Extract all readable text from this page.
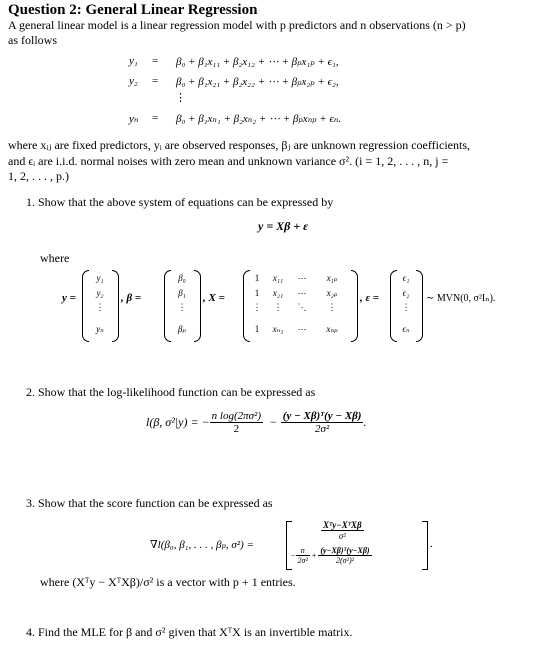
Question 2: General Linear Regression
A general linear model is a linear regression model with p predictors and n observations (n > p)
as follows
y₁ = β₀ + β₁x₁₁ + β₂x₁₂ + ⋯ + βₚx₁ₚ + ϵ₁,
y₂ = β₀ + β₁x₂₁ + β₂x₂₂ + ⋯ + βₚx₂ₚ + ϵ₂,
⋮
yₙ = β₀ + β₁xₙ₁ + β₂xₙ₂ + ⋯ + βₚxₙₚ + ϵₙ.
where xᵢⱼ are fixed predictors, yᵢ are observed responses, βⱼ are unknown regression coefficients,
and ϵᵢ are i.i.d. normal noises with zero mean and unknown variance σ². (i = 1, 2, . . . , n, j =
1, 2, . . . , p.)
1. Show that the above system of equations can be expressed by
y = Xβ + ε
where
y =
y₁
y₂
⋮
yₙ
, β =
β₀
β₁
⋮
βₚ
, X =
1	x₁₁	⋯	x₁ₚ
1	x₂₁	⋯	x₂ₚ
⋮	⋮	⋱	⋮
1	xₙ₁	⋯	xₙₚ
, ε =
ϵ₁
ϵ₂
⋮
ϵₙ
∼ MVN(0, σ²Iₙ).
2. Show that the log-likelihood function can be expressed as
l(β, σ²|y) = − $\frac{\text{n log(2πσ²)}}{2} - \frac{\text{(y − Xβ)ᵀ(y − Xβ)}}{\text{2σ²}}$ .
3. Show that the score function can be expressed as
∇l(β₀, β₁, . . . , βₚ, σ²) =
$\frac{\text{Xᵀy−XᵀXβ}}{\text{σ²}}$
− $\frac{n}{\text{2σ²}} + \frac{\text{(y−Xβ)ᵀ(y−Xβ)}}{\text{2(σ²)²}}$
.
where (Xᵀy − XᵀXβ)/σ² is a vector with p + 1 entries.
4. Find the MLE for β and σ² given that XᵀX is an invertible matrix.
